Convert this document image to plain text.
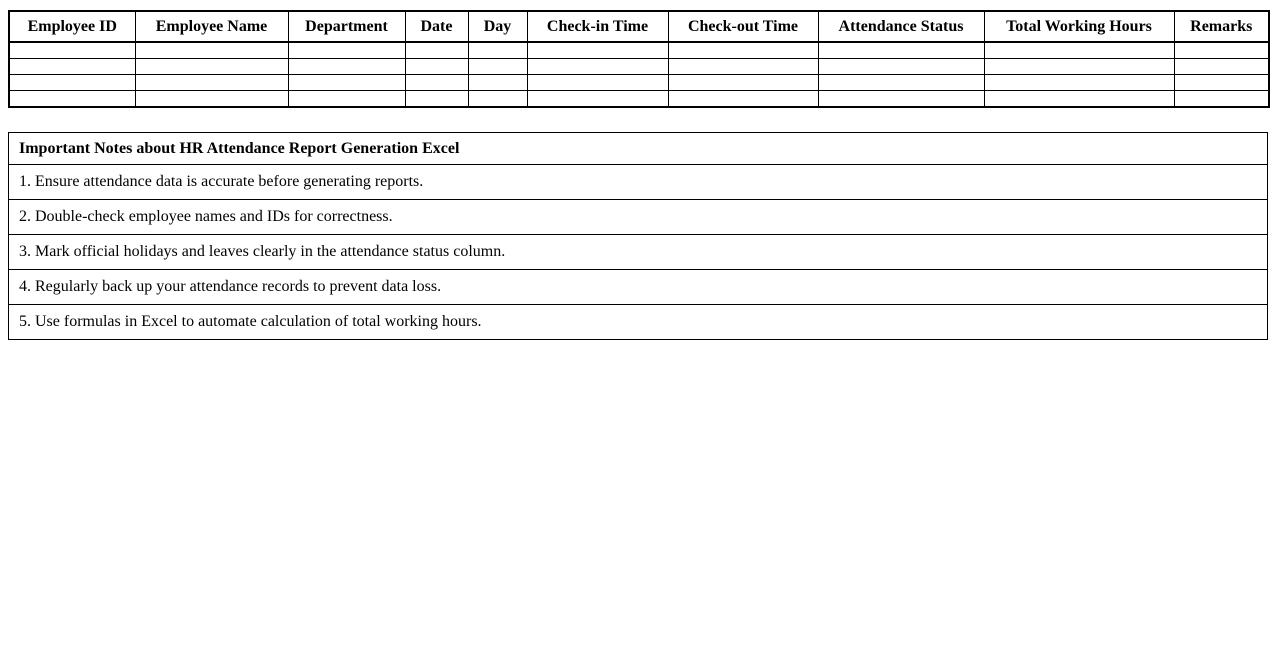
Employee ID	Employee Name	Department	Date	Day	Check-in Time	Check-out Time	Attendance Status	Total Working Hours	Remarks

Important Notes about HR Attendance Report Generation Excel
1. Ensure attendance data is accurate before generating reports.
2. Double-check employee names and IDs for correctness.
3. Mark official holidays and leaves clearly in the attendance status column.
4. Regularly back up your attendance records to prevent data loss.
5. Use formulas in Excel to automate calculation of total working hours.
